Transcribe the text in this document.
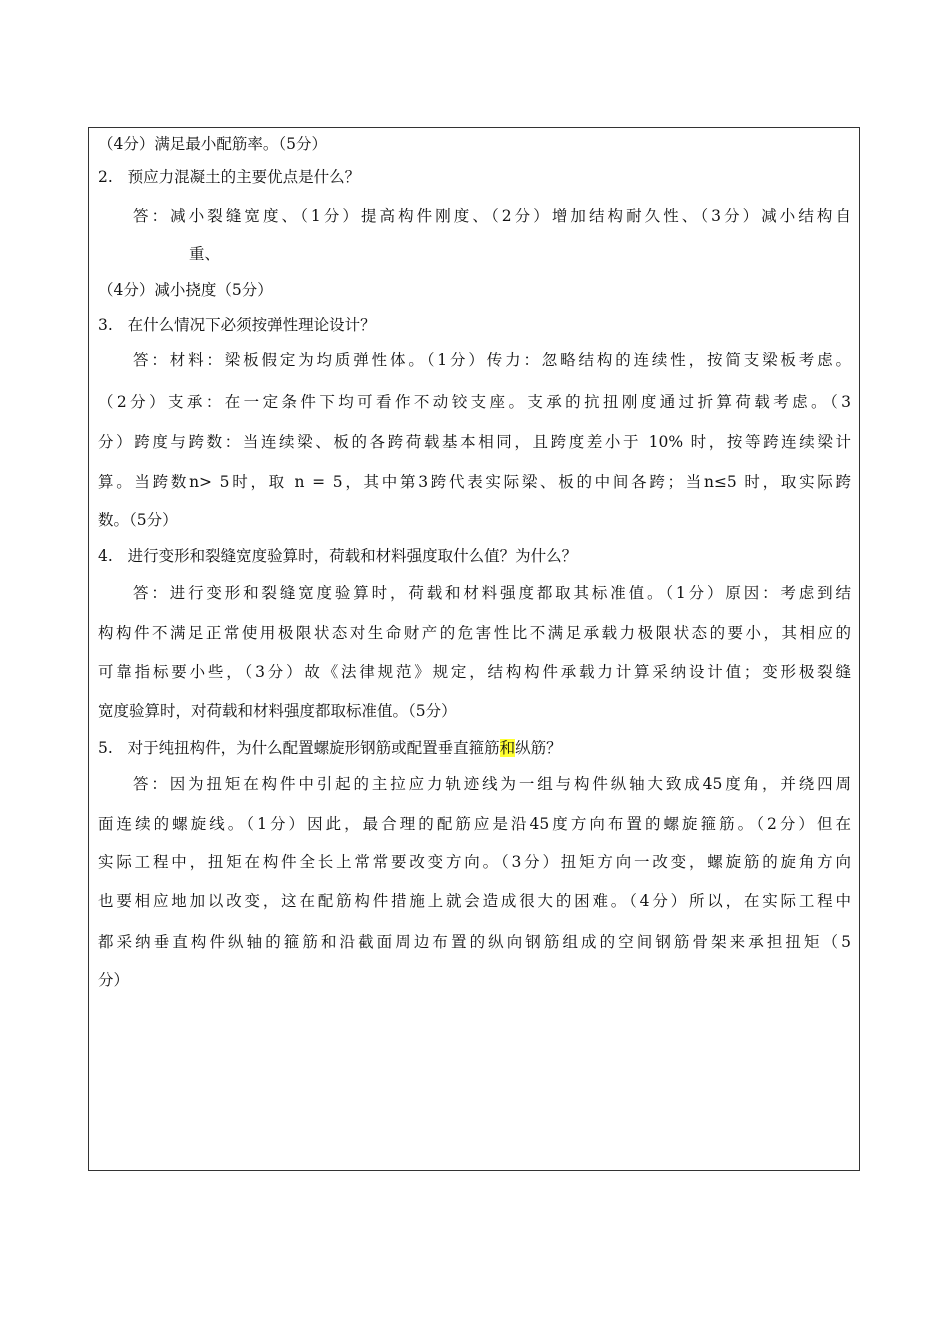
（4分）满足最小配筋率。（5分）
2. 预应力混凝土的主要优点是什么？
答：减小裂缝宽度、（1分）提高构件刚度、（2分）增加结构耐久性、（3分）减小结构自
重、
（4分）减小挠度（5分）
3. 在什么情况下必须按弹性理论设计？
答：材料：梁板假定为均质弹性体。（1分）传力：忽略结构的连续性，按简支梁板考虑。
（2分）支承：在一定条件下均可看作不动铰支座。支承的抗扭刚度通过折算荷载考虑。（3
分）跨度与跨数：当连续梁、板的各跨荷载基本相同，且跨度差小于 10% 时，按等跨连续梁计
算。当跨数n> 5时，取 n = 5，其中第3跨代表实际梁、板的中间各跨；当n≤5 时，取实际跨
数。（5分）
4. 进行变形和裂缝宽度验算时，荷载和材料强度取什么值？为什么？
答：进行变形和裂缝宽度验算时，荷载和材料强度都取其标准值。（1分）原因：考虑到结
构构件不满足正常使用极限状态对生命财产的危害性比不满足承载力极限状态的要小，其相应的
可靠指标要小些，（3分）故《法律规范》规定，结构构件承载力计算采纳设计值；变形极裂缝
宽度验算时，对荷载和材料强度都取标准值。（5分）
5. 对于纯扭构件，为什么配置螺旋形钢筋或配置垂直箍筋和纵筋？
答：因为扭矩在构件中引起的主拉应力轨迹线为一组与构件纵轴大致成45度角，并绕四周
面连续的螺旋线。（1分）因此，最合理的配筋应是沿45度方向布置的螺旋箍筋。（2分）但在
实际工程中，扭矩在构件全长上常常要改变方向。（3分）扭矩方向一改变，螺旋筋的旋角方向
也要相应地加以改变，这在配筋构件措施上就会造成很大的困难。（4分）所以，在实际工程中
都采纳垂直构件纵轴的箍筋和沿截面周边布置的纵向钢筋组成的空间钢筋骨架来承担扭矩（5
分）
